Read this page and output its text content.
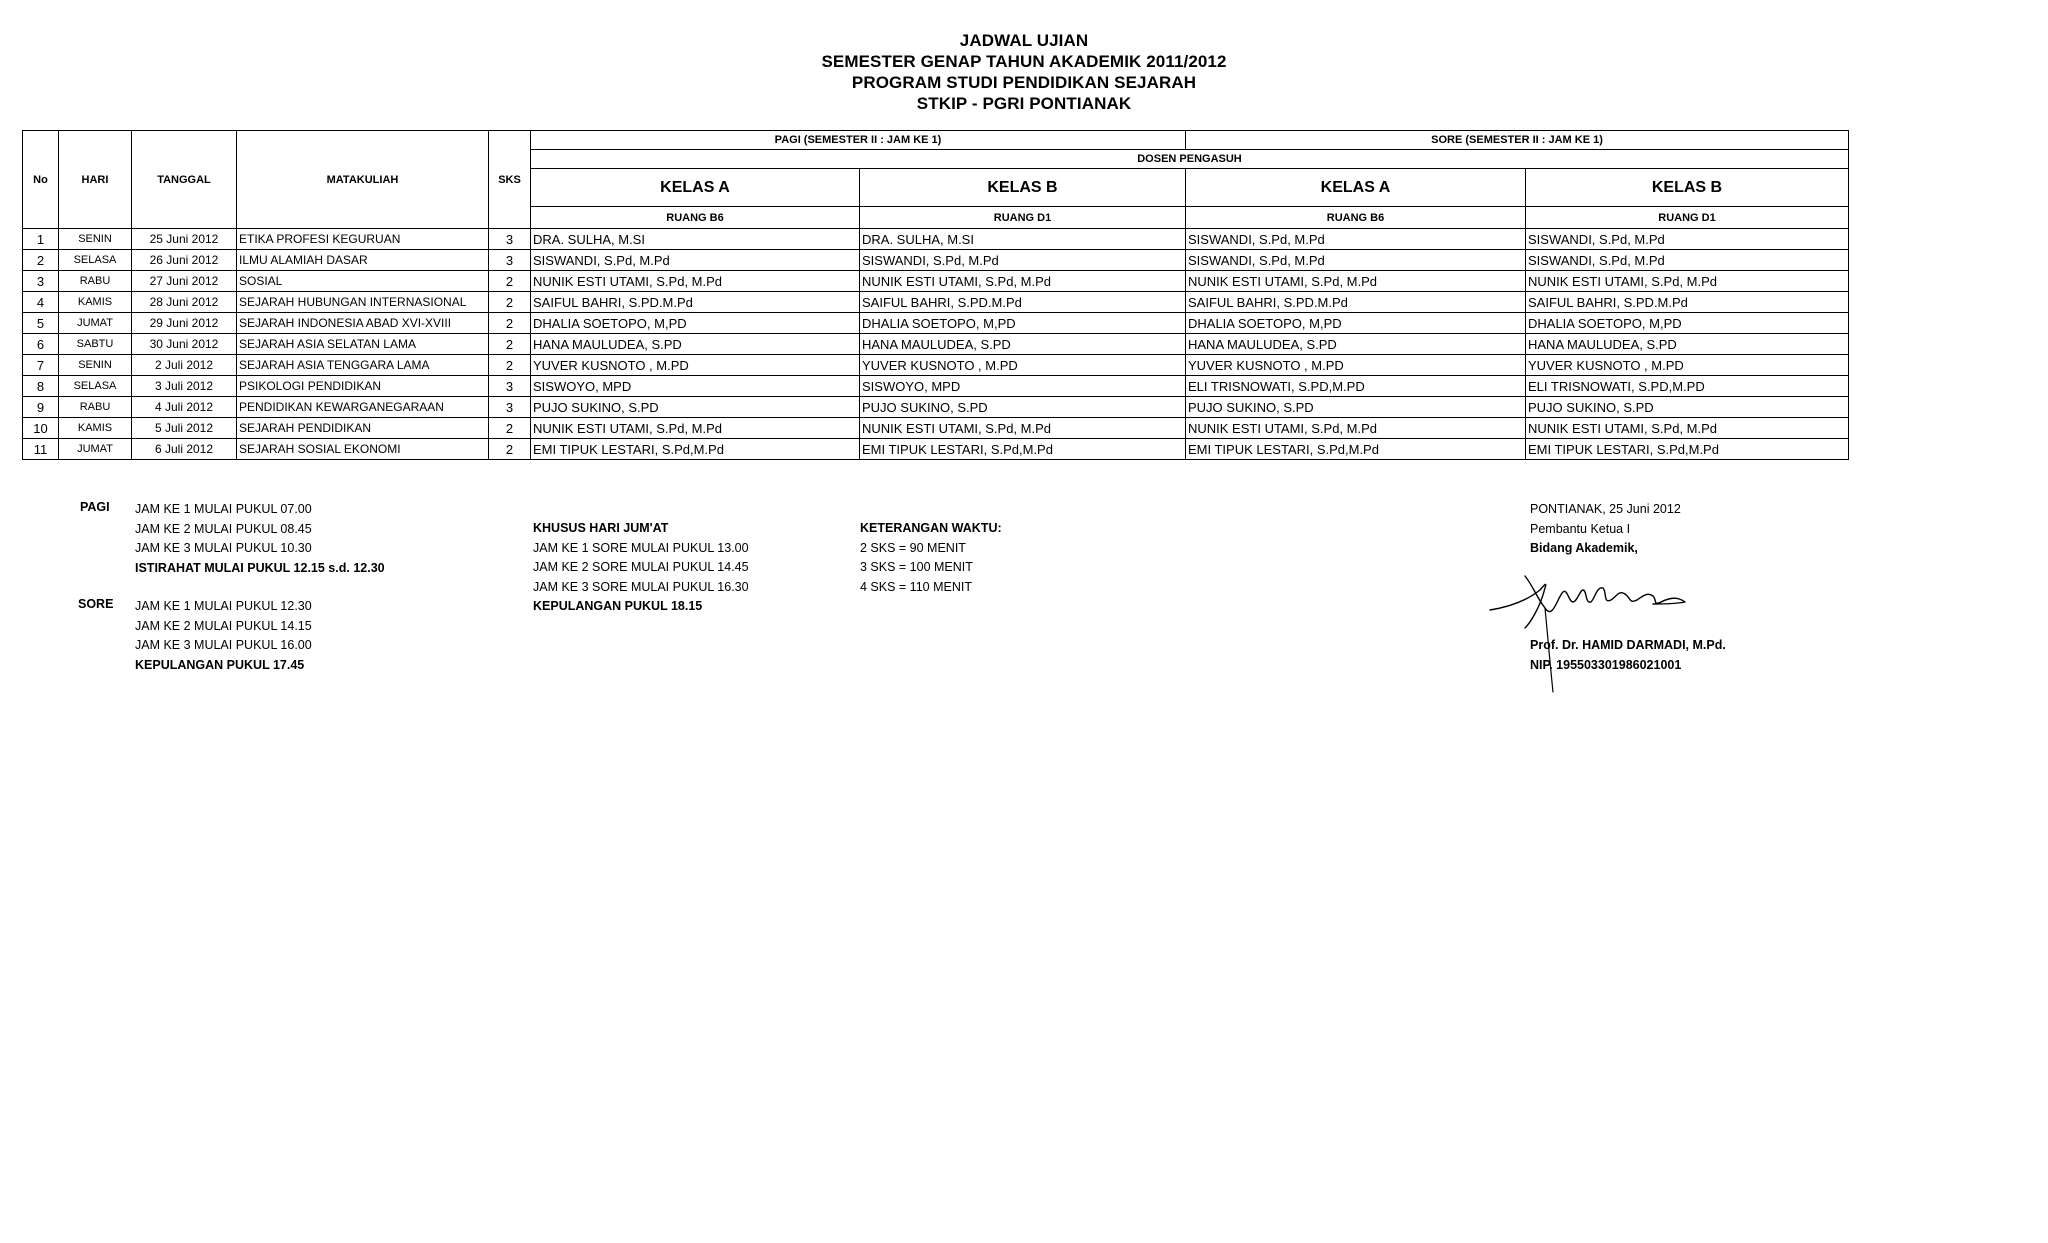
JADWAL UJIAN
SEMESTER GENAP TAHUN AKADEMIK 2011/2012
PROGRAM STUDI PENDIDIKAN SEJARAH
STKIP - PGRI PONTIANAK
No	HARI	TANGGAL	MATAKULIAH	SKS	PAGI (SEMESTER II : JAM KE 1)		SORE (SEMESTER II : JAM KE 1)	
					DOSEN PENGASUH			
					KELAS A	KELAS B	KELAS A	KELAS B
					RUANG B6	RUANG D1	RUANG B6	RUANG D1
1	SENIN	25 Juni 2012	ETIKA PROFESI KEGURUAN	3	DRA. SULHA, M.SI	DRA. SULHA, M.SI	SISWANDI, S.Pd, M.Pd	SISWANDI, S.Pd, M.Pd
2	SELASA	26 Juni 2012	ILMU ALAMIAH DASAR	3	SISWANDI, S.Pd, M.Pd	SISWANDI, S.Pd, M.Pd	SISWANDI, S.Pd, M.Pd	SISWANDI, S.Pd, M.Pd
3	RABU	27 Juni 2012	SOSIAL	2	NUNIK ESTI UTAMI, S.Pd, M.Pd	NUNIK ESTI UTAMI, S.Pd, M.Pd	NUNIK ESTI UTAMI, S.Pd, M.Pd	NUNIK ESTI UTAMI, S.Pd, M.Pd
4	KAMIS	28 Juni 2012	SEJARAH HUBUNGAN INTERNASIONAL	2	SAIFUL BAHRI, S.PD.M.Pd	SAIFUL BAHRI, S.PD.M.Pd	SAIFUL BAHRI, S.PD.M.Pd	SAIFUL BAHRI, S.PD.M.Pd
5	JUMAT	29 Juni 2012	SEJARAH INDONESIA ABAD XVI-XVIII	2	DHALIA SOETOPO, M,PD	DHALIA SOETOPO, M,PD	DHALIA SOETOPO, M,PD	DHALIA SOETOPO, M,PD
6	SABTU	30 Juni 2012	SEJARAH ASIA SELATAN LAMA	2	HANA MAULUDEA, S.PD	HANA MAULUDEA, S.PD	HANA MAULUDEA, S.PD	HANA MAULUDEA, S.PD
7	SENIN	2 Juli 2012	SEJARAH ASIA TENGGARA LAMA	2	YUVER KUSNOTO , M.PD	YUVER KUSNOTO , M.PD	YUVER KUSNOTO , M.PD	YUVER KUSNOTO , M.PD
8	SELASA	3 Juli 2012	PSIKOLOGI PENDIDIKAN	3	SISWOYO, MPD	SISWOYO, MPD	ELI TRISNOWATI, S.PD,M.PD	ELI TRISNOWATI, S.PD,M.PD
9	RABU	4 Juli 2012	PENDIDIKAN KEWARGANEGARAAN	3	PUJO SUKINO, S.PD	PUJO SUKINO, S.PD	PUJO SUKINO, S.PD	PUJO SUKINO, S.PD
10	KAMIS	5 Juli 2012	SEJARAH PENDIDIKAN	2	NUNIK ESTI UTAMI, S.Pd, M.Pd	NUNIK ESTI UTAMI, S.Pd, M.Pd	NUNIK ESTI UTAMI, S.Pd, M.Pd	NUNIK ESTI UTAMI, S.Pd, M.Pd
11	JUMAT	6 Juli 2012	SEJARAH SOSIAL EKONOMI	2	EMI TIPUK LESTARI, S.Pd,M.Pd	EMI TIPUK LESTARI, S.Pd,M.Pd	EMI TIPUK LESTARI, S.Pd,M.Pd	EMI TIPUK LESTARI, S.Pd,M.Pd
PAGI JAM KE 1 MULAI PUKUL 07.00
JAM KE 2 MULAI PUKUL 08.45
JAM KE 3 MULAI PUKUL 10.30
ISTIRAHAT MULAI PUKUL 12.15 s.d. 12.30
SORE JAM KE 1 MULAI PUKUL 12.30
JAM KE 2 MULAI PUKUL 14.15
JAM KE 3 MULAI PUKUL 16.00
KEPULANGAN PUKUL 17.45
KHUSUS HARI JUM'AT
JAM KE 1 SORE MULAI PUKUL 13.00
JAM KE 2 SORE MULAI PUKUL 14.45
JAM KE 3 SORE MULAI PUKUL 16.30
KEPULANGAN PUKUL 18.15
KETERANGAN WAKTU:
2 SKS = 90 MENIT
3 SKS = 100 MENIT
4 SKS = 110 MENIT
PONTIANAK, 25 Juni 2012
Pembantu Ketua I
Bidang Akademik,
Prof. Dr. HAMID DARMADI, M.Pd.
NIP. 195503301986021001
